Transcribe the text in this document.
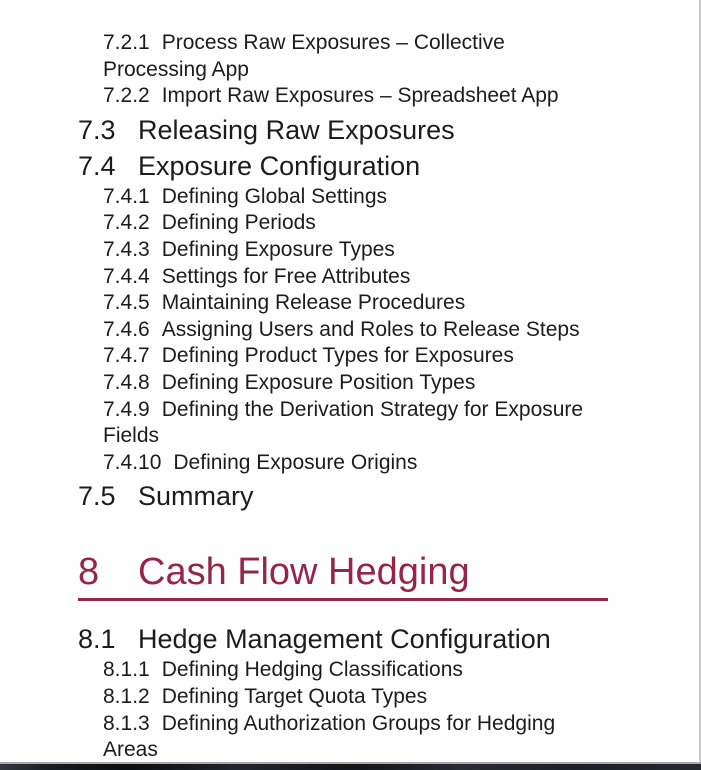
7.2.1 Process Raw Exposures – Collective Processing App

7.2.2 Import Raw Exposures – Spreadsheet App

7.3 Releasing Raw Exposures

7.4 Exposure Configuration

7.4.1 Defining Global Settings

7.4.2 Defining Periods

7.4.3 Defining Exposure Types

7.4.4 Settings for Free Attributes

7.4.5 Maintaining Release Procedures

7.4.6 Assigning Users and Roles to Release Steps

7.4.7 Defining Product Types for Exposures

7.4.8 Defining Exposure Position Types

7.4.9 Defining the Derivation Strategy for Exposure Fields

7.4.10 Defining Exposure Origins

7.5 Summary

8 Cash Flow Hedging

8.1 Hedge Management Configuration

8.1.1 Defining Hedging Classifications

8.1.2 Defining Target Quota Types

8.1.3 Defining Authorization Groups for Hedging Areas
